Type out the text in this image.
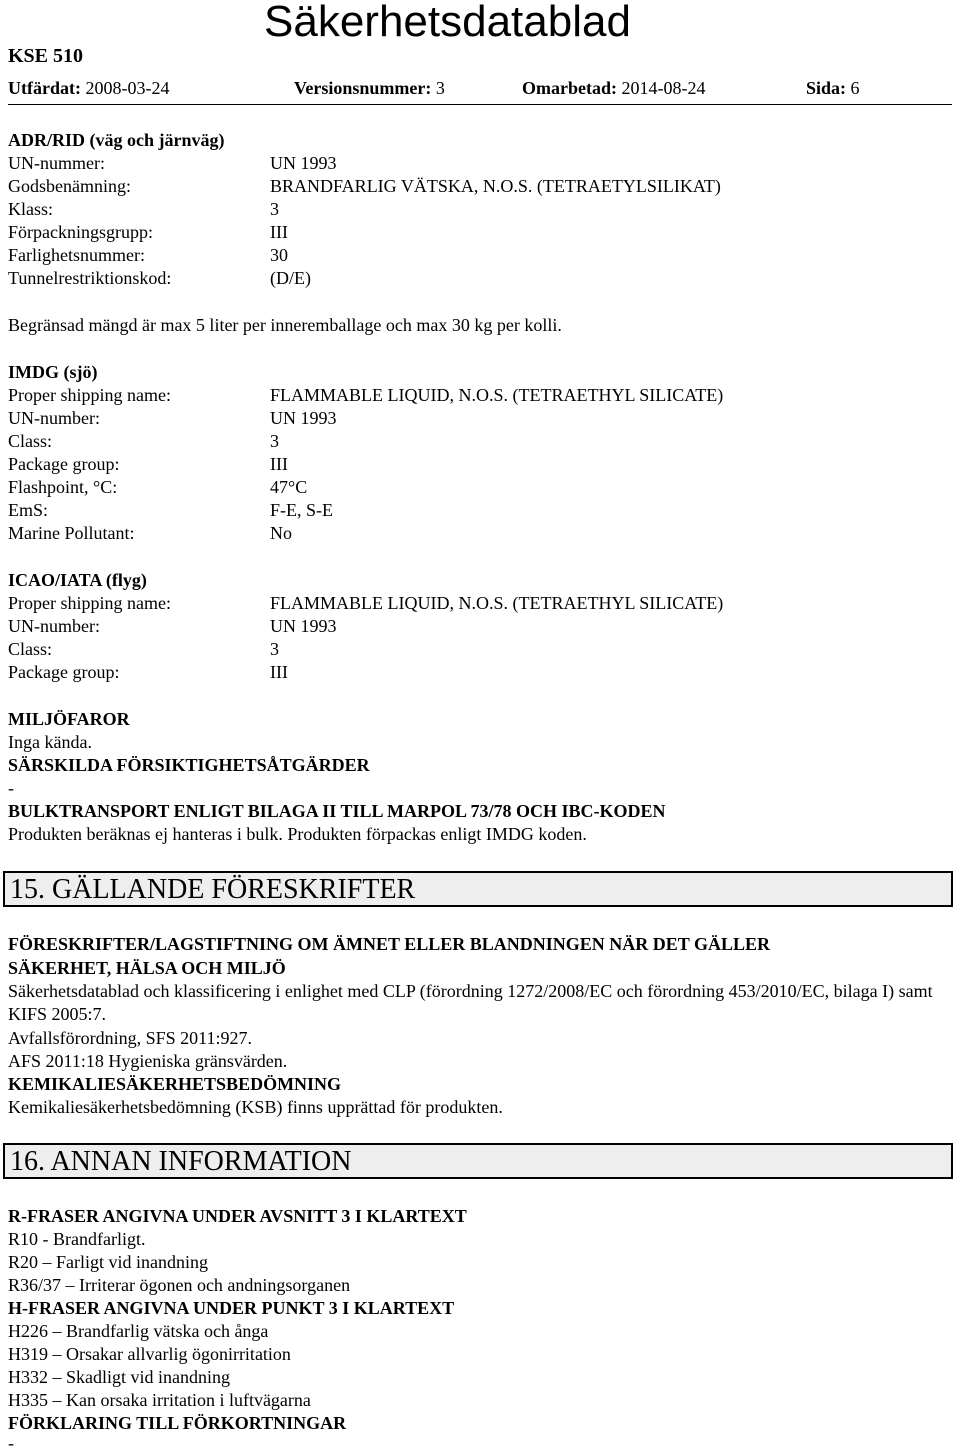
Säkerhetsdatablad
KSE 510
Utfärdat: 2008-03-24	Versionsnummer: 3	Omarbetad: 2014-08-24	Sida: 6
ADR/RID (väg och järnväg)
UN-nummer:	UN 1993
Godsbenämning:	BRANDFARLIG VÄTSKA, N.O.S. (TETRAETYLSILIKAT)
Klass:	3
Förpackningsgrupp:	III
Farlighetsnummer:	30
Tunnelrestriktionskod:	(D/E)
Begränsad mängd är max 5 liter per inneremballage och max 30 kg per kolli.
IMDG (sjö)
Proper shipping name:	FLAMMABLE LIQUID, N.O.S. (TETRAETHYL SILICATE)
UN-number:	UN 1993
Class:	3
Package group:	III
Flashpoint, °C:	47°C
EmS:	F-E, S-E
Marine Pollutant:	No
ICAO/IATA (flyg)
Proper shipping name:	FLAMMABLE LIQUID, N.O.S. (TETRAETHYL SILICATE)
UN-number:	UN 1993
Class:	3
Package group:	III
MILJÖFAROR
Inga kända.
SÄRSKILDA FÖRSIKTIGHETSÅTGÄRDER
-
BULKTRANSPORT ENLIGT BILAGA II TILL MARPOL 73/78 OCH IBC-KODEN
Produkten beräknas ej hanteras i bulk. Produkten förpackas enligt IMDG koden.
15. GÄLLANDE FÖRESKRIFTER
FÖRESKRIFTER/LAGSTIFTNING OM ÄMNET ELLER BLANDNINGEN NÄR DET GÄLLER
SÄKERHET, HÄLSA OCH MILJÖ
Säkerhetsdatablad och klassificering i enlighet med CLP (förordning 1272/2008/EC och förordning 453/2010/EC, bilaga I) samt KIFS 2005:7.
Avfallsförordning, SFS 2011:927.
AFS 2011:18 Hygieniska gränsvärden.
KEMIKALIESÄKERHETSBEDÖMNING
Kemikaliesäkerhetsbedömning (KSB) finns upprättad för produkten.
16. ANNAN INFORMATION
R-FRASER ANGIVNA UNDER AVSNITT 3 I KLARTEXT
R10 - Brandfarligt.
R20 – Farligt vid inandning
R36/37 – Irriterar ögonen och andningsorganen
H-FRASER ANGIVNA UNDER PUNKT 3 I KLARTEXT
H226 – Brandfarlig vätska och ånga
H319 – Orsakar allvarlig ögonirritation
H332 – Skadligt vid inandning
H335 – Kan orsaka irritation i luftvägarna
FÖRKLARING TILL FÖRKORTNINGAR
-
